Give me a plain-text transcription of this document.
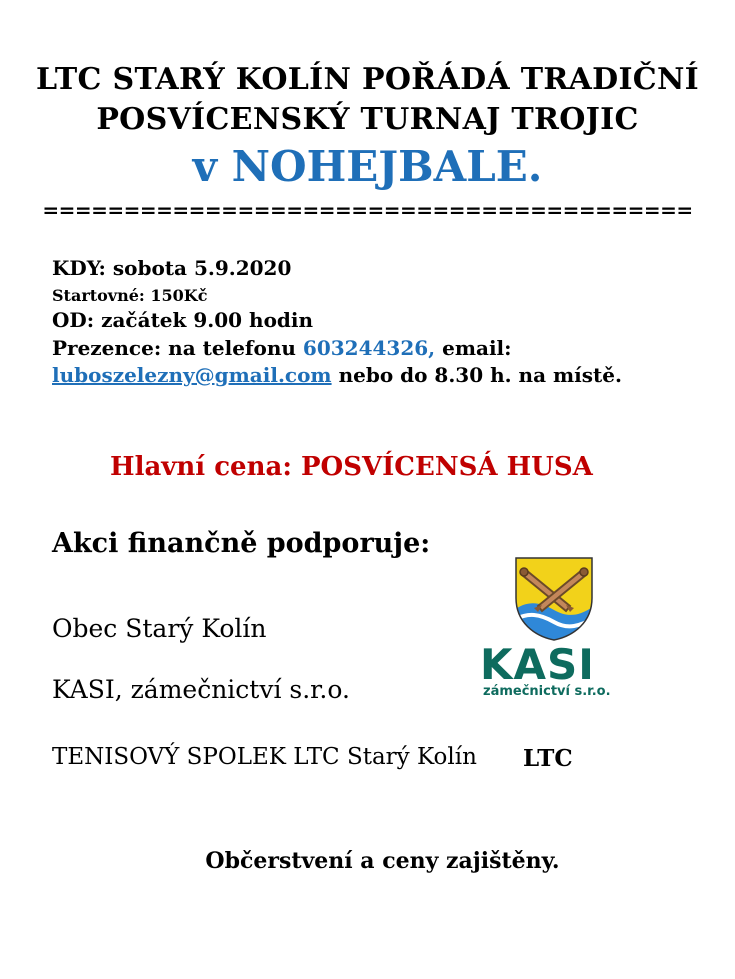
LTC STARÝ KOLÍN POŘÁDÁ TRADIČNÍ
POSVÍCENSKÝ TURNAJ TROJIC
v NOHEJBALE.
========================================
KDY: sobota 5.9.2020
Startovné: 150Kč
OD: začátek 9.00 hodin
Prezence: na telefonu 603244326, email:
luboszelezny@gmail.com nebo do 8.30 h. na místě.
Hlavní cena: POSVÍCENSÁ HUSA
Akci finančně podporuje:
Obec Starý Kolín
KASI, zámečnictví s.r.o.
TENISOVÝ SPOLEK LTC Starý Kolín LTC
KASI
zámečnictví s.r.o.
Občerstvení a ceny zajištěny.
